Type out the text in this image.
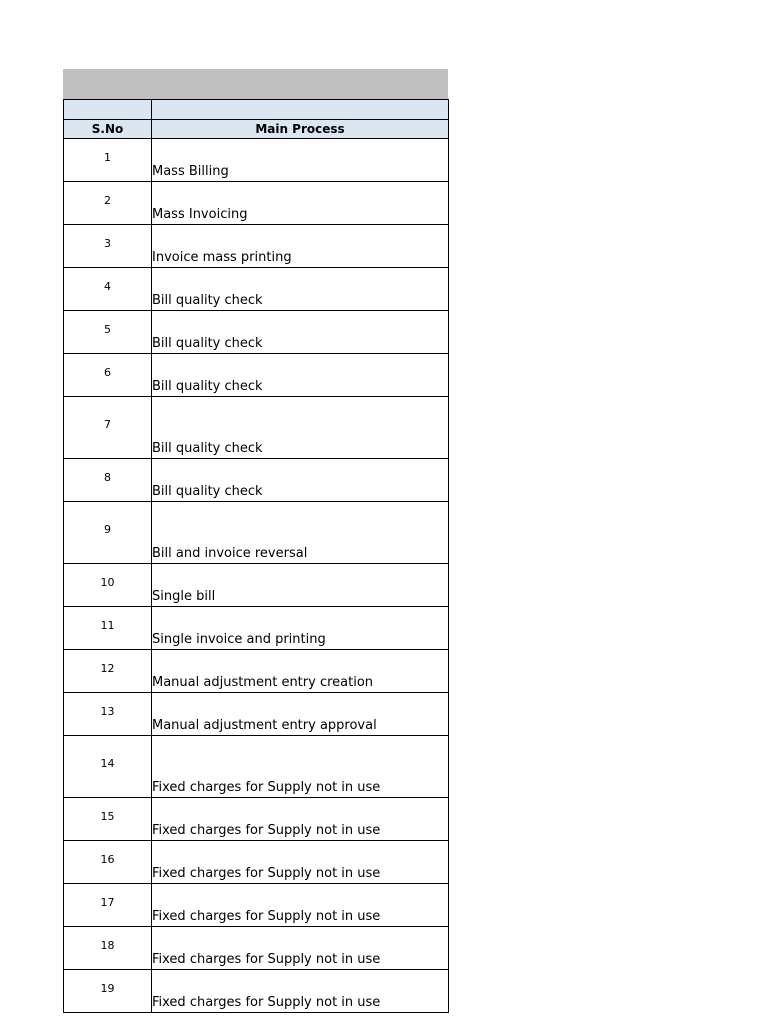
S.No	Main Process
1	Mass Billing
2	Mass Invoicing
3	Invoice mass printing
4	Bill quality check
5	Bill quality check
6	Bill quality check
7	Bill quality check
8	Bill quality check
9	Bill and invoice reversal
10	Single bill
11	Single invoice and printing
12	Manual adjustment entry creation
13	Manual adjustment entry approval
14	Fixed charges for Supply not in use
15	Fixed charges for Supply not in use
16	Fixed charges for Supply not in use
17	Fixed charges for Supply not in use
18	Fixed charges for Supply not in use
19	Fixed charges for Supply not in use
